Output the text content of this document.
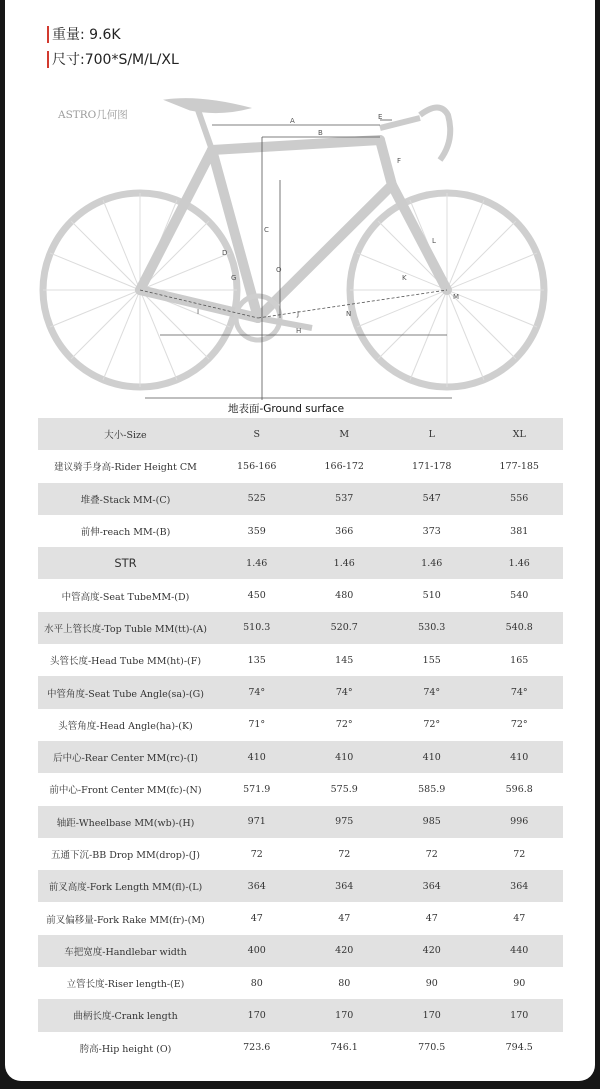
重量: 9.6K
尺寸:700*S/M/L/XL
ASTRO几何图	A
B
E
F
C
O
D
G
L
K
M
N
J
H
I
地表面-Ground surface
大小-Size	S	M	L	XL
建议骑手身高-Rider Height CM	156-166	166-172	171-178	177-185
堆叠-Stack MM-(C)	525	537	547	556
前伸-reach MM-(B)	359	366	373	381
STR	1.46	1.46	1.46	1.46
中管高度-Seat TubeMM-(D)	450	480	510	540
水平上管长度-Top Tuble MM(tt)-(A)	510.3	520.7	530.3	540.8
头管长度-Head Tube MM(ht)-(F)	135	145	155	165
中管角度-Seat Tube Angle(sa)-(G)	74°	74°	74°	74°
头管角度-Head Angle(ha)-(K)	71°	72°	72°	72°
后中心-Rear Center MM(rc)-(I)	410	410	410	410
前中心-Front Center MM(fc)-(N)	571.9	575.9	585.9	596.8
轴距-Wheelbase MM(wb)-(H)	971	975	985	996
五通下沉-BB Drop MM(drop)-(J)	72	72	72	72
前叉高度-Fork Length MM(fl)-(L)	364	364	364	364
前叉偏移量-Fork Rake MM(fr)-(M)	47	47	47	47
车把宽度-Handlebar width	400	420	420	440
立管长度-Riser length-(E)	80	80	90	90
曲柄长度-Crank length	170	170	170	170
胯高-Hip height (O)	723.6	746.1	770.5	794.5
